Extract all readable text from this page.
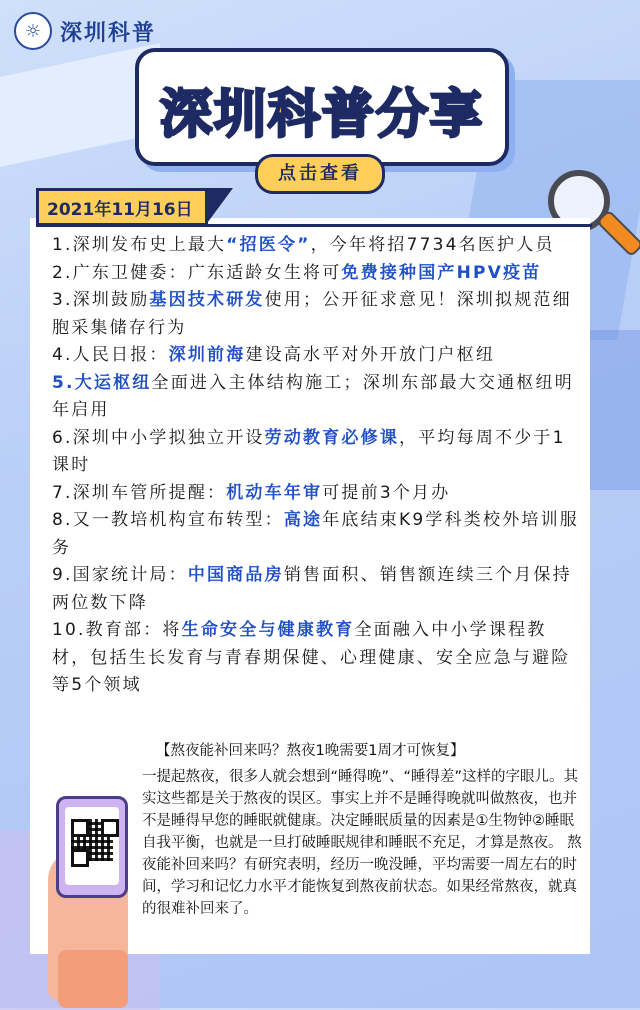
☼ 深圳科普
深圳科普分享
点击查看
2021年11月16日
1.深圳发布史上最大“招医令”，今年将招7734名医护人员
2.广东卫健委：广东适龄女生将可免费接种国产HPV疫苗
3.深圳鼓励基因技术研发使用；公开征求意见！深圳拟规范细胞采集储存行为
4.人民日报：深圳前海建设高水平对外开放门户枢纽
5.大运枢纽全面进入主体结构施工；深圳东部最大交通枢纽明年启用
6.深圳中小学拟独立开设劳动教育必修课，平均每周不少于1课时
7.深圳车管所提醒：机动车年审可提前3个月办
8.又一教培机构宣布转型：高途年底结束K9学科类校外培训服务
9.国家统计局：中国商品房销售面积、销售额连续三个月保持两位数下降
10.教育部：将生命安全与健康教育全面融入中小学课程教材，包括生长发育与青春期保健、心理健康、安全应急与避险等5个领域
【熬夜能补回来吗？熬夜1晚需要1周才可恢复】
一提起熬夜，很多人就会想到“睡得晚”、“睡得差”这样的字眼儿。其实这些都是关于熬夜的误区。事实上并不是睡得晚就叫做熬夜，也并不是睡得早您的睡眠就健康。决定睡眠质量的因素是①生物钟②睡眠自我平衡，也就是一旦打破睡眠规律和睡眠不充足，才算是熬夜。 熬夜能补回来吗？有研究表明，经历一晚没睡，平均需要一周左右的时间，学习和记忆力水平才能恢复到熬夜前状态。如果经常熬夜，就真的很难补回来了。
